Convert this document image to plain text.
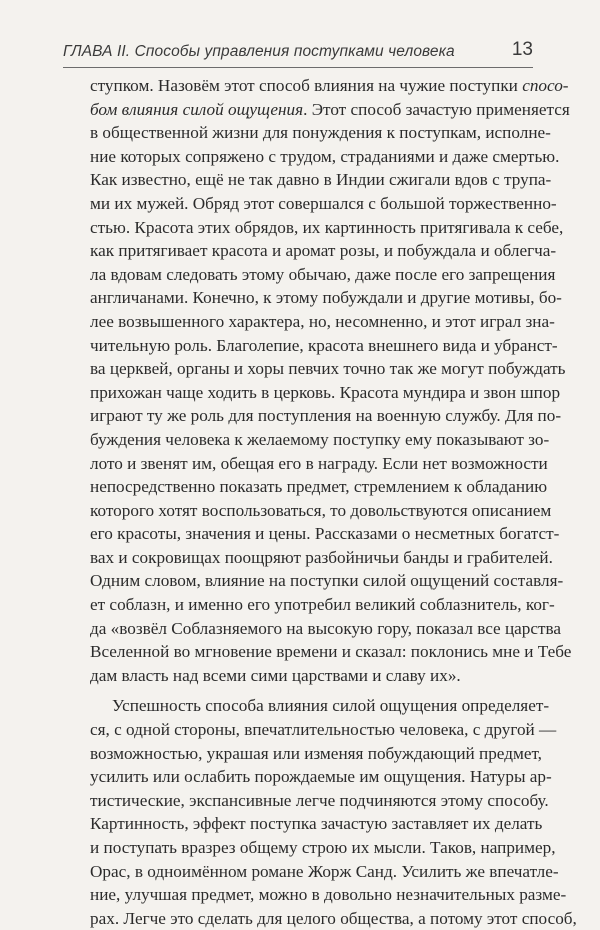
ГЛАВА II. Способы управления поступками человека	13
ступком. Назовём этот способ влияния на чужие поступки спосо-
бом влияния силой ощущения. Этот способ зачастую применяется
в общественной жизни для понуждения к поступкам, исполне-
ние которых сопряжено с трудом, страданиями и даже смертью.
Как известно, ещё не так давно в Индии сжигали вдов с трупа-
ми их мужей. Обряд этот совершался с большой торжественно-
стью. Красота этих обрядов, их картинность притягивала к себе,
как притягивает красота и аромат розы, и побуждала и облегча-
ла вдовам следовать этому обычаю, даже после его запрещения
англичанами. Конечно, к этому побуждали и другие мотивы, бо-
лее возвышенного характера, но, несомненно, и этот играл зна-
чительную роль. Благолепие, красота внешнего вида и убранст-
ва церквей, органы и хоры певчих точно так же могут побуждать
прихожан чаще ходить в церковь. Красота мундира и звон шпор
играют ту же роль для поступления на военную службу. Для по-
буждения человека к желаемому поступку ему показывают зо-
лото и звенят им, обещая его в награду. Если нет возможности
непосредственно показать предмет, стремлением к обладанию
которого хотят воспользоваться, то довольствуются описанием
его красоты, значения и цены. Рассказами о несметных богатст-
вах и сокровищах поощряют разбойничьи банды и грабителей.
Одним словом, влияние на поступки силой ощущений составля-
ет соблазн, и именно его употребил великий соблазнитель, ког-
да «возвёл Соблазняемого на высокую гору, показал все царства
Вселенной во мгновение времени и сказал: поклонись мне и Тебе
дам власть над всеми сими царствами и славу их».
Успешность способа влияния силой ощущения определяет-
ся, с одной стороны, впечатлительностью человека, с другой —
возможностью, украшая или изменяя побуждающий предмет,
усилить или ослабить порождаемые им ощущения. Натуры ар-
тистические, экспансивные легче подчиняются этому способу.
Картинность, эффект поступка зачастую заставляет их делать
и поступать вразрез общему строю их мысли. Таков, например,
Орас, в одноимённом романе Жорж Санд. Усилить же впечатле-
ние, улучшая предмет, можно в довольно незначительных разме-
рах. Легче это сделать для целого общества, а потому этот способ,
